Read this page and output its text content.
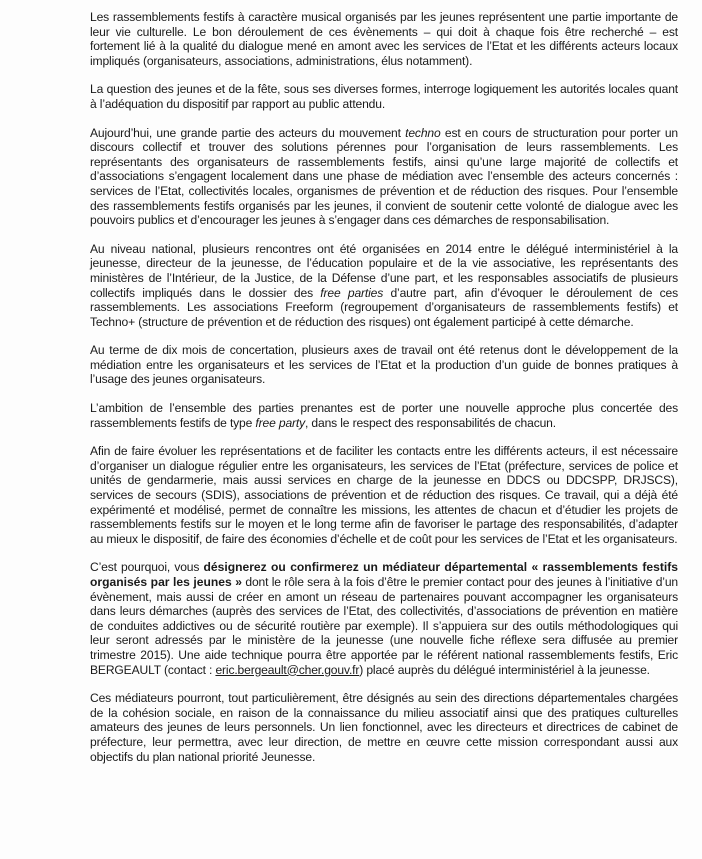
Les rassemblements festifs à caractère musical organisés par les jeunes représentent une partie importante de leur vie culturelle. Le bon déroulement de ces évènements – qui doit à chaque fois être recherché – est fortement lié à la qualité du dialogue mené en amont avec les services de l’Etat et les différents acteurs locaux impliqués (organisateurs, associations, administrations, élus notamment).

La question des jeunes et de la fête, sous ses diverses formes, interroge logiquement les autorités locales quant à l’adéquation du dispositif par rapport au public attendu.

Aujourd’hui, une grande partie des acteurs du mouvement techno est en cours de structuration pour porter un discours collectif et trouver des solutions pérennes pour l’organisation de leurs rassemblements. Les représentants des organisateurs de rassemblements festifs, ainsi qu’une large majorité de collectifs et d’associations s’engagent localement dans une phase de médiation avec l’ensemble des acteurs concernés : services de l’Etat, collectivités locales, organismes de prévention et de réduction des risques. Pour l’ensemble des rassemblements festifs organisés par les jeunes, il convient de soutenir cette volonté de dialogue avec les pouvoirs publics et d’encourager les jeunes à s’engager dans ces démarches de responsabilisation.

Au niveau national, plusieurs rencontres ont été organisées en 2014 entre le délégué interministériel à la jeunesse, directeur de la jeunesse, de l’éducation populaire et de la vie associative, les représentants des ministères de l’Intérieur, de la Justice, de la Défense d’une part, et les responsables associatifs de plusieurs collectifs impliqués dans le dossier des free parties d’autre part, afin d’évoquer le déroulement de ces rassemblements. Les associations Freeform (regroupement d’organisateurs de rassemblements festifs) et Techno+ (structure de prévention et de réduction des risques) ont également participé à cette démarche.

Au terme de dix mois de concertation, plusieurs axes de travail ont été retenus dont le développement de la médiation entre les organisateurs et les services de l’Etat et la production d’un guide de bonnes pratiques à l’usage des jeunes organisateurs.

L’ambition de l’ensemble des parties prenantes est de porter une nouvelle approche plus concertée des rassemblements festifs de type free party, dans le respect des responsabilités de chacun.

Afin de faire évoluer les représentations et de faciliter les contacts entre les différents acteurs, il est nécessaire d’organiser un dialogue régulier entre les organisateurs, les services de l’Etat (préfecture, services de police et unités de gendarmerie, mais aussi services en charge de la jeunesse en DDCS ou DDCSPP, DRJSCS), services de secours (SDIS), associations de prévention et de réduction des risques. Ce travail, qui a déjà été expérimenté et modélisé, permet de connaître les missions, les attentes de chacun et d’étudier les projets de rassemblements festifs sur le moyen et le long terme afin de favoriser le partage des responsabilités, d’adapter au mieux le dispositif, de faire des économies d’échelle et de coût pour les services de l’Etat et les organisateurs.

C’est pourquoi, vous désignerez ou confirmerez un médiateur départemental « rassemblements festifs organisés par les jeunes » dont le rôle sera à la fois d’être le premier contact pour des jeunes à l’initiative d’un évènement, mais aussi de créer en amont un réseau de partenaires pouvant accompagner les organisateurs dans leurs démarches (auprès des services de l’Etat, des collectivités, d’associations de prévention en matière de conduites addictives ou de sécurité routière par exemple). Il s’appuiera sur des outils méthodologiques qui leur seront adressés par le ministère de la jeunesse (une nouvelle fiche réflexe sera diffusée au premier trimestre 2015). Une aide technique pourra être apportée par le référent national rassemblements festifs, Eric BERGEAULT (contact : eric.bergeault@cher.gouv.fr) placé auprès du délégué interministériel à la jeunesse.

Ces médiateurs pourront, tout particulièrement, être désignés au sein des directions départementales chargées de la cohésion sociale, en raison de la connaissance du milieu associatif ainsi que des pratiques culturelles amateurs des jeunes de leurs personnels. Un lien fonctionnel, avec les directeurs et directrices de cabinet de préfecture, leur permettra, avec leur direction, de mettre en œuvre cette mission correspondant aussi aux objectifs du plan national priorité Jeunesse.
